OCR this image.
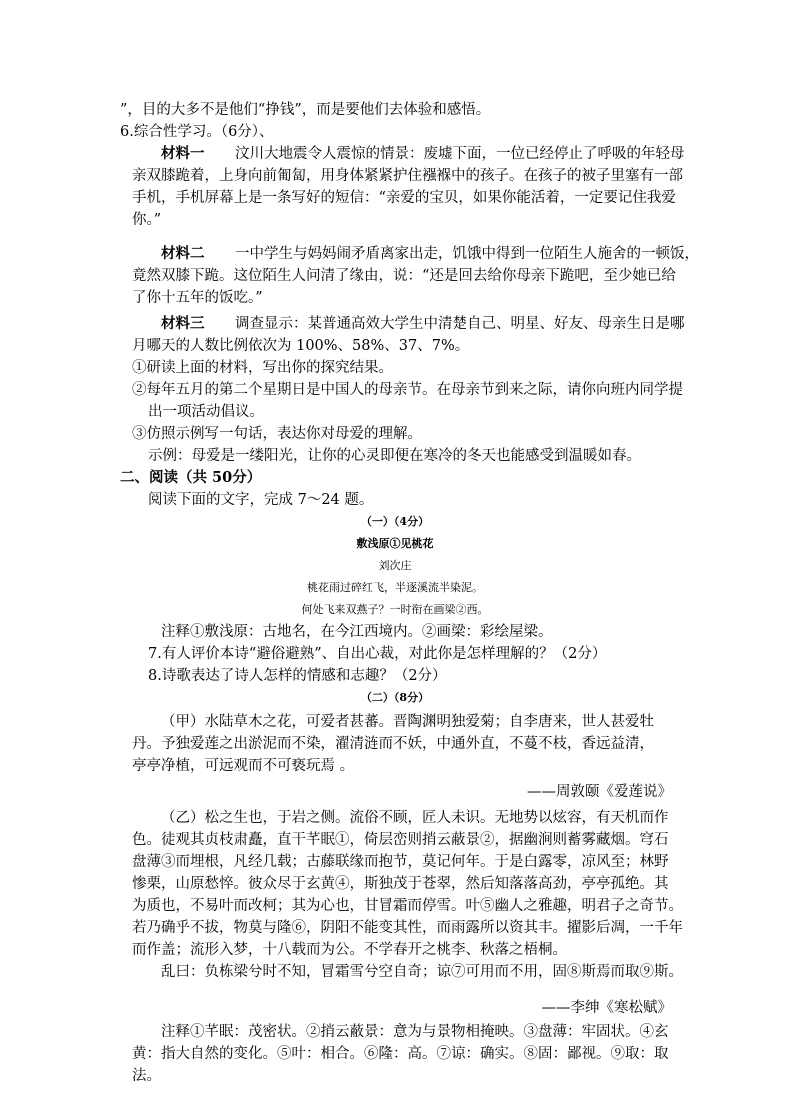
”，目的大多不是他们“挣钱”，而是要他们去体验和感悟。
6.综合性学习。（6分）、
材料一 汶川大地震令人震惊的情景：废墟下面，一位已经停止了呼吸的年轻母
亲双膝跪着，上身向前匍匐，用身体紧紧护住襁褓中的孩子。在孩子的被子里塞有一部
手机，手机屏幕上是一条写好的短信：“亲爱的宝贝，如果你能活着，一定要记住我爱
你。”
材料二 一中学生与妈妈闹矛盾离家出走，饥饿中得到一位陌生人施舍的一顿饭，
竟然双膝下跪。这位陌生人问清了缘由，说：“还是回去给你母亲下跪吧，至少她已给
了你十五年的饭吃。”
材料三 调查显示：某普通高效大学生中清楚自己、明星、好友、母亲生日是哪
月哪天的人数比例依次为 100%、58%、37、7%。
①研读上面的材料，写出你的探究结果。
②每年五月的第二个星期日是中国人的母亲节。在母亲节到来之际，请你向班内同学提
出一项活动倡议。
③仿照示例写一句话，表达你对母爱的理解。
示例：母爱是一缕阳光，让你的心灵即便在寒冷的冬天也能感受到温暖如春。
二、阅读（共 50分）
阅读下面的文字，完成 7～24 题。
（一）（4分）
敷浅原①见桃花
刘次庄
桃花雨过碎红飞，半逐溪流半染泥。
何处飞来双燕子？一时衔在画梁②西。
注释①敷浅原：古地名，在今江西境内。②画梁：彩绘屋梁。
7.有人评价本诗“避俗避熟”、自出心裁，对此你是怎样理解的？（2分）
8.诗歌表达了诗人怎样的情感和志趣？（2分）
（二）（8分）
（甲）水陆草木之花，可爱者甚蕃。晋陶渊明独爱菊；自李唐来，世人甚爱牡
丹。予独爱莲之出淤泥而不染，濯清涟而不妖，中通外直，不蔓不枝，香远益清，
亭亭净植，可远观而不可亵玩焉 。
——周敦颐《爱莲说》
（乙）松之生也，于岩之侧。流俗不顾，匠人未识。无地势以炫容，有天机而作
色。徒观其贞枝肃矗，直干芊眠①，倚层峦则捎云蔽景②，据幽涧则蓄雾藏烟。穹石
盘薄③而埋根，凡经几载；古藤联缘而抱节，莫记何年。于是白露零，凉风至；林野
惨栗，山原愁悴。彼众尽于玄黄④，斯独茂于苍翠，然后知落落高劲，亭亭孤绝。其
为质也，不易叶而改柯；其为心也，甘冒霜而停雪。叶⑤幽人之雅趣，明君子之奇节。
若乃确乎不拔，物莫与隆⑥，阴阳不能变其性，而雨露所以资其丰。擢影后凋，一千年
而作盖；流形入梦，十八载而为公。不学春开之桃李、秋落之梧桐。
乱曰：负栋梁兮时不知，冒霜雪兮空自奇；谅⑦可用而不用，固⑧斯焉而取⑨斯。
——李绅《寒松赋》
注释①芊眠：茂密状。②捎云蔽景：意为与景物相掩映。③盘薄：牢固状。④玄
黄：指大自然的变化。⑤叶：相合。⑥隆：高。⑦谅：确实。⑧固：鄙视。⑨取：取
法。
